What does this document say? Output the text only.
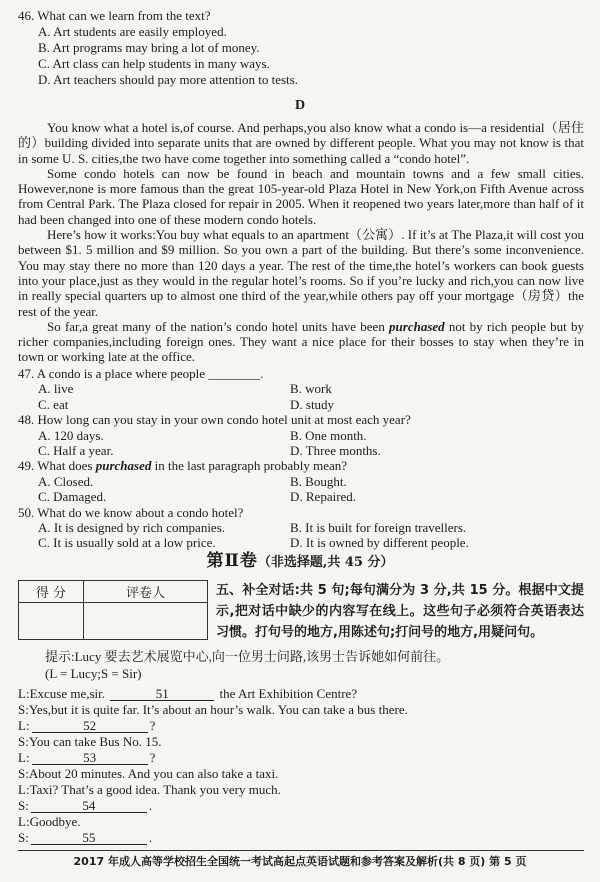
46. What can we learn from the text?
A. Art students are easily employed.
B. Art programs may bring a lot of money.
C. Art class can help students in many ways.
D. Art teachers should pay more attention to tests.
D

You know what a hotel is,of course. And perhaps,you also know what a condo is—a residential（居住的）building divided into separate units that are owned by different people. What you may not know is that in some U. S. cities,the two have come together into something called a “condo hotel”.

Some condo hotels can now be found in beach and mountain towns and a few small cities. However,none is more famous than the great 105-year-old Plaza Hotel in New York,on Fifth Avenue across from Central Park. The Plaza closed for repair in 2005. When it reopened two years later,more than half of it had been changed into one of these modern condo hotels.

Here’s how it works:You buy what equals to an apartment（公寓）. If it’s at The Plaza,it will cost you between $1. 5 million and $9 million. So you own a part of the building. But there’s some inconvenience. You may stay there no more than 120 days a year. The rest of the time,the hotel’s workers can book guests into your place,just as they would in the regular hotel’s rooms. So if you’re lucky and rich,you can now live in really special quarters up to almost one third of the year,while others pay off your mortgage（房贷）the rest of the year.

So far,a great many of the nation’s condo hotel units have been purchased not by rich people but by richer companies,including foreign ones. They want a nice place for their bosses to stay when they’re in town or working late at the office.

47. A condo is a place where people ________.
A. live	B. work
C. eat	D. study
48. How long can you stay in your own condo hotel unit at most each year?
A. 120 days.	B. One month.
C. Half a year.	D. Three months.
49. What does purchased in the last paragraph probably mean?
A. Closed.	B. Bought.
C. Damaged.	D. Repaired.
50. What do we know about a condo hotel?
A. It is designed by rich companies.	B. It is built for foreign travellers.
C. It is usually sold at a low price.	D. It is owned by different people.
第Ⅱ卷（非选择题,共 45 分）
得 分	评卷人
		五、补全对话:共 5 句;每句满分为 3 分,共 15 分。根据中文提示,把对话中缺少的内容写在线上。这些句子必须符合英语表达习惯。打句号的地方,用陈述句;打问号的地方,用疑问句。
提示:Lucy 要去艺术展览中心,向一位男士问路,该男士告诉她如何前往。
(L = Lucy;S = Sir)
L:Excuse me,sir.	51	the Art Exhibition Centre?
S:Yes,but it is quite far. It’s about an hour’s walk. You can take a bus there.
L:	52	?
S:You can take Bus No. 15.
L:	53	?
S:About 20 minutes. And you can also take a taxi.
L:Taxi? That’s a good idea. Thank you very much.
S:	54	.
L:Goodbye.
S:	55	.
2017 年成人高等学校招生全国统一考试高起点英语试题和参考答案及解析(共 8 页) 第 5 页
